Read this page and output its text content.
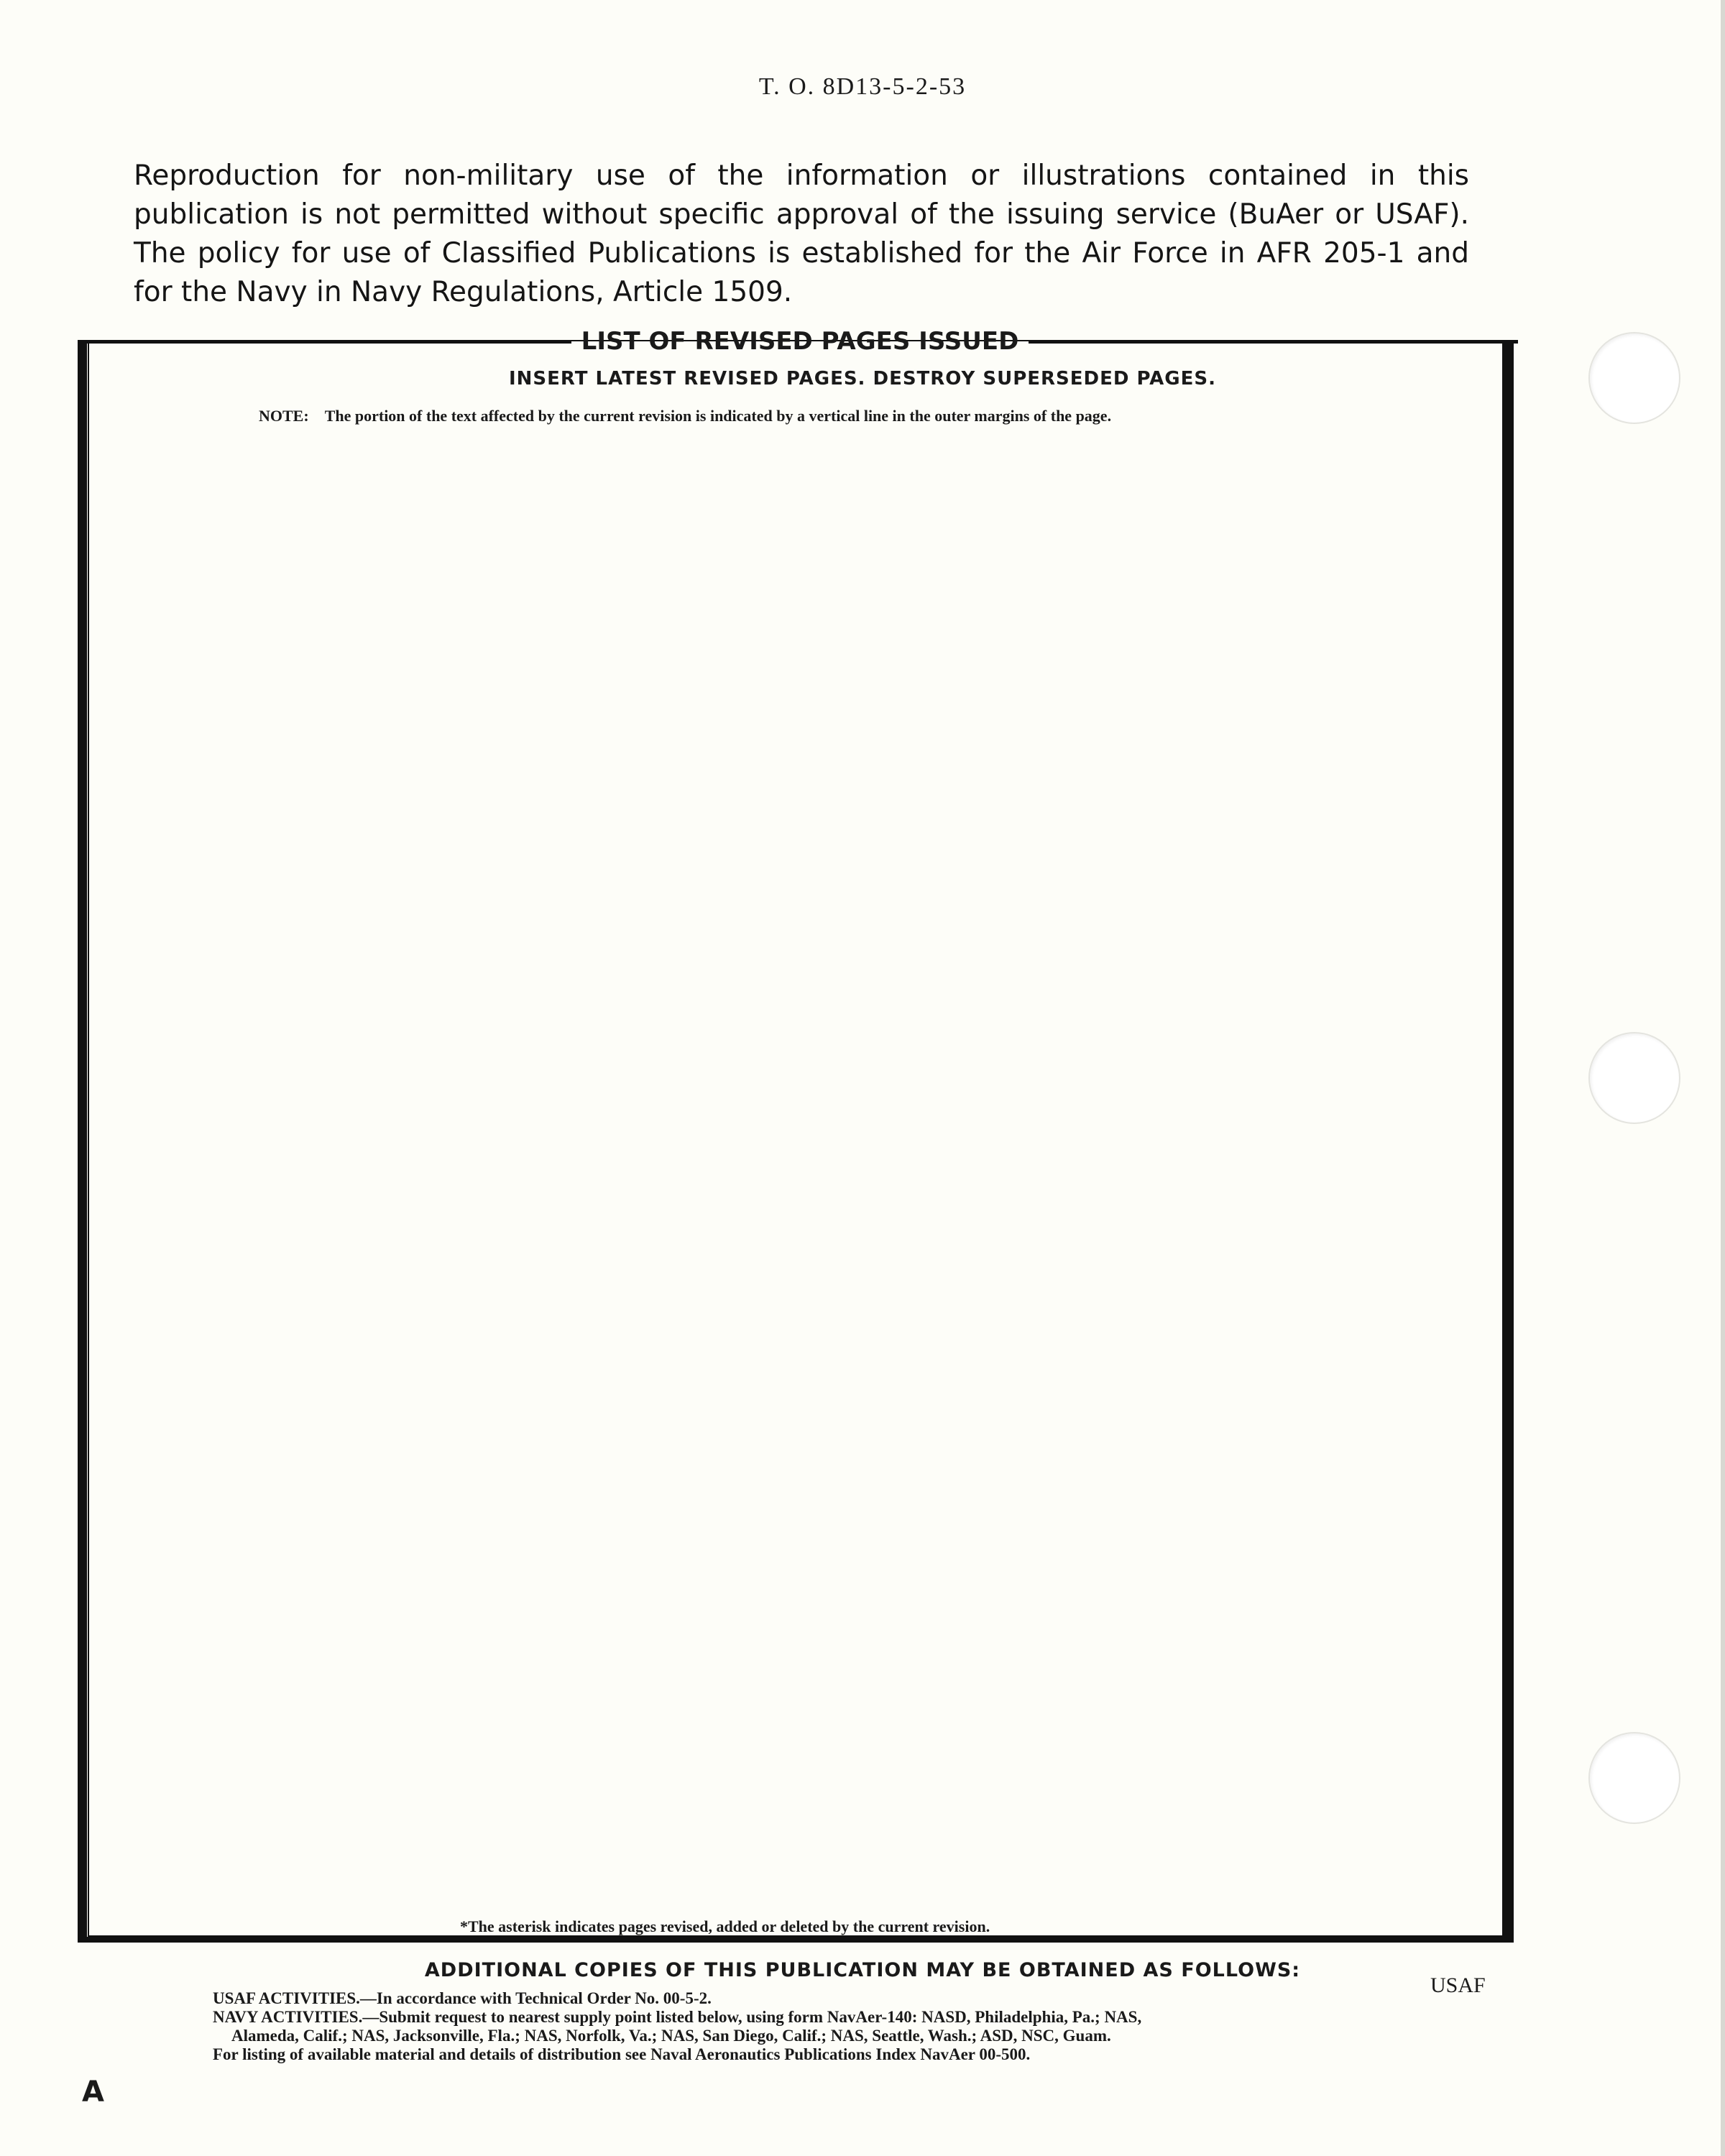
T. O. 8D13-5-2-53

Reproduction for non-military use of the information or illustrations contained in this publication is not permitted without specific approval of the issuing service (BuAer or USAF). The policy for use of Classified Publications is established for the Air Force in AFR 205-1 and for the Navy in Navy Regulations, Article 1509.

LIST OF REVISED PAGES ISSUED
INSERT LATEST REVISED PAGES. DESTROY SUPERSEDED PAGES.
NOTE: The portion of the text affected by the current revision is indicated by a vertical line in the outer margins of the page.
*The asterisk indicates pages revised, added or deleted by the current revision.
ADDITIONAL COPIES OF THIS PUBLICATION MAY BE OBTAINED AS FOLLOWS:
USAF ACTIVITIES.—In accordance with Technical Order No. 00-5-2.
NAVY ACTIVITIES.—Submit request to nearest supply point listed below, using form NavAer-140: NASD, Philadelphia, Pa.; NAS,
Alameda, Calif.; NAS, Jacksonville, Fla.; NAS, Norfolk, Va.; NAS, San Diego, Calif.; NAS, Seattle, Wash.; ASD, NSC, Guam.
For listing of available material and details of distribution see Naval Aeronautics Publications Index NavAer 00-500.
USAF
A
